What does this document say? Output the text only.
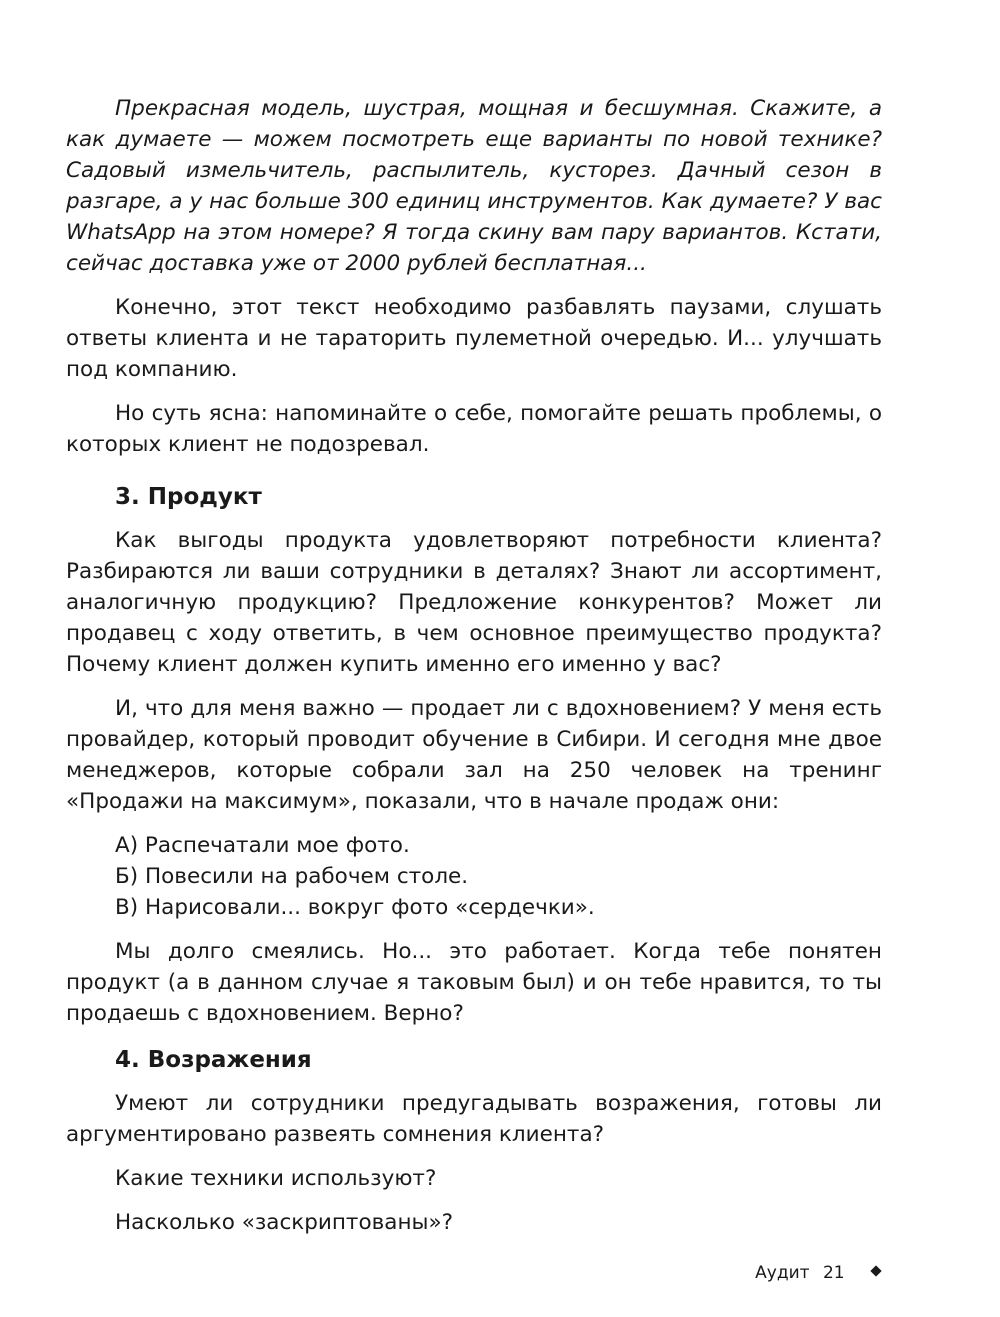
Прекрасная модель, шустрая, мощная и бесшумная. Скажите, а как думаете — можем посмотреть еще варианты по новой технике? Садовый измельчитель, распылитель, кусторез. Дачный сезон в разгаре, а у нас больше 300 единиц инструментов. Как думаете? У вас WhatsApp на этом номере? Я тогда скину вам пару вариантов. Кстати, сейчас доставка уже от 2000 рублей бесплатная...

Конечно, этот текст необходимо разбавлять паузами, слушать ответы клиента и не тараторить пулеметной очередью. И... улучшать под компанию.

Но суть ясна: напоминайте о себе, помогайте решать проблемы, о которых клиент не подозревал.

3. Продукт

Как выгоды продукта удовлетворяют потребности клиента? Разбираются ли ваши сотрудники в деталях? Знают ли ассортимент, аналогичную продукцию? Предложение конкурентов? Может ли продавец с ходу ответить, в чем основное преимущество продукта? Почему клиент должен купить именно его именно у вас?

И, что для меня важно — продает ли с вдохновением? У меня есть провайдер, который проводит обучение в Сибири. И сегодня мне двое менеджеров, которые собрали зал на 250 человек на тренинг «Продажи на максимум», показали, что в начале продаж они:

А) Распечатали мое фото.

Б) Повесили на рабочем столе.

В) Нарисовали... вокруг фото «сердечки».

Мы долго смеялись. Но... это работает. Когда тебе понятен продукт (а в данном случае я таковым был) и он тебе нравится, то ты продаешь с вдохновением. Верно?

4. Возражения

Умеют ли сотрудники предугадывать возражения, готовы ли аргументировано развеять сомнения клиента?

Какие техники используют?

Насколько «заскриптованы»?

Аудит 21
